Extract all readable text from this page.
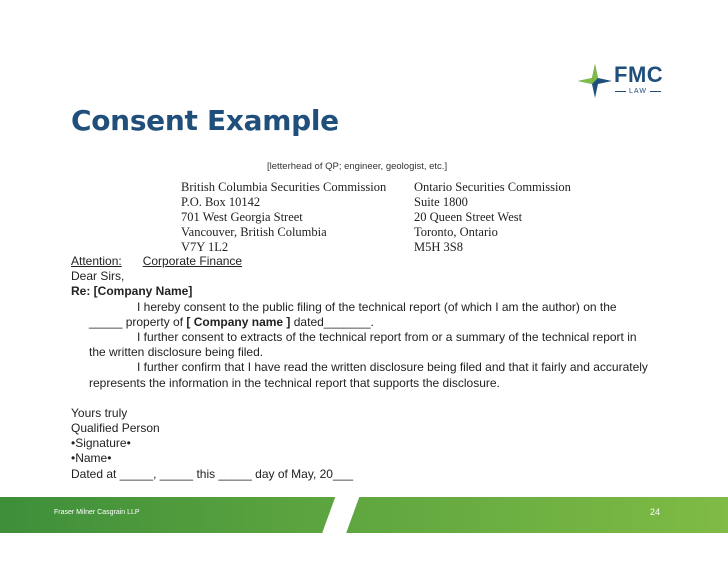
FMC
LAW
Consent Example
[letterhead of QP; engineer, geologist, etc.]
British Columbia Securities Commission
P.O. Box 10142
701 West Georgia Street
Vancouver, British Columbia
V7Y 1L2
Ontario Securities Commission
Suite 1800
20 Queen Street West
Toronto, Ontario
M5H 3S8
Attention: Corporate Finance
Dear Sirs,
Re: [Company Name]
I hereby consent to the public filing of the technical report (of which I am the author) on the
_____ property of [ Company name ] dated_______.
I further consent to extracts of the technical report from or a summary of the technical report in
the written disclosure being filed.
I further confirm that I have read the written disclosure being filed and that it fairly and accurately
represents the information in the technical report that supports the disclosure.
Yours truly
Qualified Person
•Signature•
•Name•
Dated at _____, _____ this _____ day of May, 20___
Fraser Milner Casgrain LLP	24
